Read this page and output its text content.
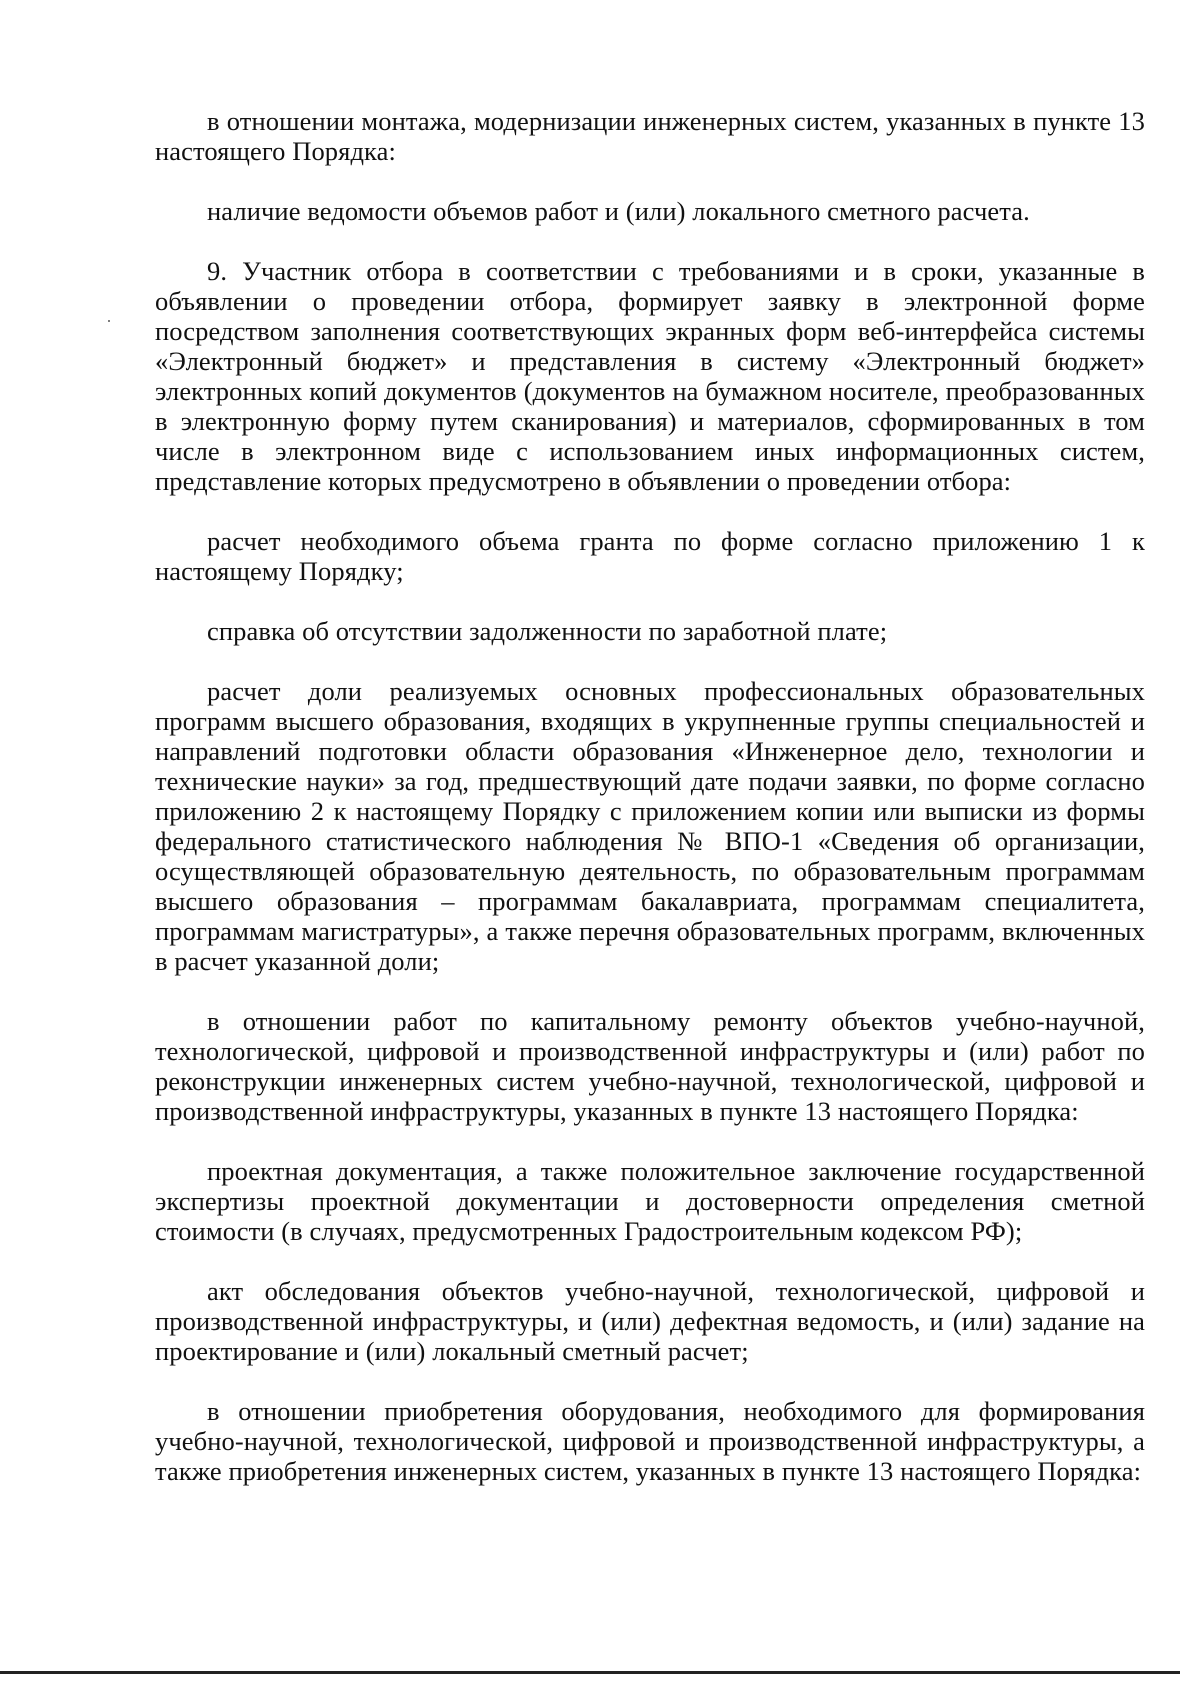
в отношении монтажа, модернизации инженерных систем, указанных в пункте 13 настоящего Порядка:

наличие ведомости объемов работ и (или) локального сметного расчета.

9. Участник отбора в соответствии с требованиями и в сроки, указанные в объявлении о проведении отбора, формирует заявку в электронной форме посредством заполнения соответствующих экранных форм веб-интерфейса системы «Электронный бюджет» и представления в систему «Электронный бюджет» электронных копий документов (документов на бумажном носителе, преобразованных в электронную форму путем сканирования) и материалов, сформированных в том числе в электронном виде с использованием иных информационных систем, представление которых предусмотрено в объявлении о проведении отбора:

расчет необходимого объема гранта по форме согласно приложению 1 к настоящему Порядку;

справка об отсутствии задолженности по заработной плате;

расчет доли реализуемых основных профессиональных образовательных программ высшего образования, входящих в укрупненные группы специальностей и направлений подготовки области образования «Инженерное дело, технологии и технические науки» за год, предшествующий дате подачи заявки, по форме согласно приложению 2 к настоящему Порядку с приложением копии или выписки из формы федерального статистического наблюдения № ВПО-1 «Сведения об организации, осуществляющей образовательную деятельность, по образовательным программам высшего образования – программам бакалавриата, программам специалитета, программам магистратуры», а также перечня образовательных программ, включенных в расчет указанной доли;

в отношении работ по капитальному ремонту объектов учебно-научной, технологической, цифровой и производственной инфраструктуры и (или) работ по реконструкции инженерных систем учебно-научной, технологической, цифровой и производственной инфраструктуры, указанных в пункте 13 настоящего Порядка:

проектная документация, а также положительное заключение государственной экспертизы проектной документации и достоверности определения сметной стоимости (в случаях, предусмотренных Градостроительным кодексом РФ);

акт обследования объектов учебно-научной, технологической, цифровой и производственной инфраструктуры, и (или) дефектная ведомость, и (или) задание на проектирование и (или) локальный сметный расчет;

в отношении приобретения оборудования, необходимого для формирования учебно-научной, технологической, цифровой и производственной инфраструктуры, а также приобретения инженерных систем, указанных в пункте 13 настоящего Порядка:
